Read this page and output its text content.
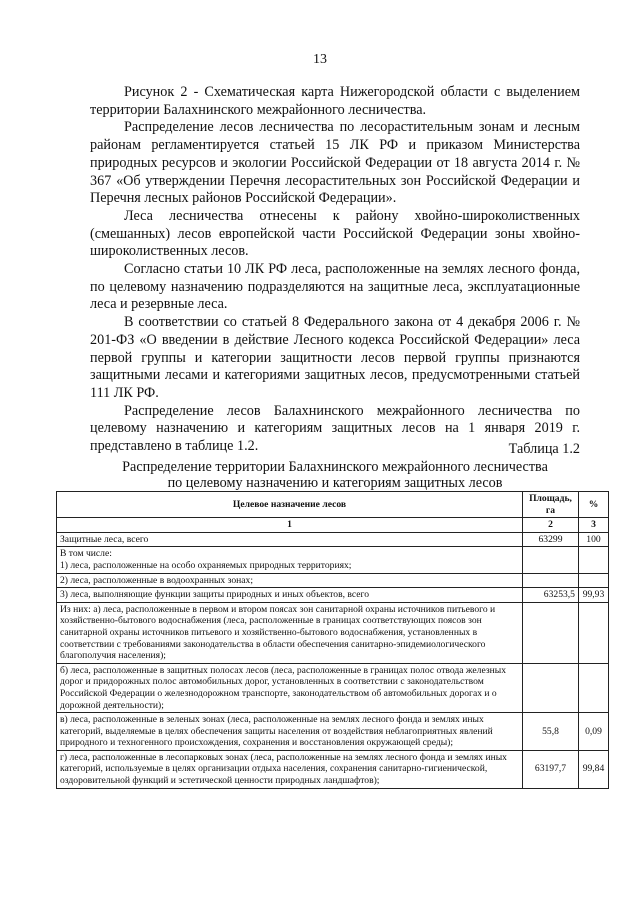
13

Рисунок 2 - Схематическая карта Нижегородской области с выделением территории Балахнинского межрайонного лесничества.

Распределение лесов лесничества по лесорастительным зонам и лесным районам регламентируется статьей 15 ЛК РФ и приказом Министерства природных ресурсов и экологии Российской Федерации от 18 августа 2014 г. № 367 «Об утверждении Перечня лесорастительных зон Российской Федерации и Перечня лесных районов Российской Федерации».

Леса лесничества отнесены к району хвойно-широколиственных (смешанных) лесов европейской части Российской Федерации зоны хвойно-широколиственных лесов.

Согласно статьи 10 ЛК РФ леса, расположенные на землях лесного фонда, по целевому назначению подразделяются на защитные леса, эксплуатационные леса и резервные леса.

В соответствии со статьей 8 Федерального закона от 4 декабря 2006 г. № 201-ФЗ «О введении в действие Лесного кодекса Российской Федерации» леса первой группы и категории защитности лесов первой группы признаются защитными лесами и категориями защитных лесов, предусмотренными статьей 111 ЛК РФ.

Распределение лесов Балахнинского межрайонного лесничества по целевому назначению и категориям защитных лесов на 1 января 2019 г. представлено в таблице 1.2.	Таблица 1.2
Распределение территории Балахнинского межрайонного лесничества
по целевому назначению и категориям защитных лесов
Целевое назначение лесов	Площадь, га	%
1	2	3
Защитные леса, всего	63299	100
В том числе:
1) леса, расположенные на особо охраняемых природных территориях;		
2) леса, расположенные в водоохранных зонах;		
3) леса, выполняющие функции защиты природных и иных объектов, всего	63253,5	99,93
Из них: а) леса, расположенные в первом и втором поясах зон санитарной охраны источников питьевого и хозяйственно-бытового водоснабжения (леса, расположенные в границах соответствующих поясов зон санитарной охраны источников питьевого и хозяйственно-бытового водоснабжения, установленных в соответствии с требованиями законодательства в области обеспечения санитарно-эпидемиологического благополучия населения);		
б) леса, расположенные в защитных полосах лесов (леса, расположенные в границах полос отвода железных дорог и придорожных полос автомобильных дорог, установленных в соответствии с законодательством Российской Федерации о железнодорожном транспорте, законодательством об автомобильных дорогах и о дорожной деятельности);		
в) леса, расположенные в зеленых зонах (леса, расположенные на землях лесного фонда и землях иных категорий, выделяемые в целях обеспечения защиты населения от воздействия неблагоприятных явлений природного и техногенного происхождения, сохранения и восстановления окружающей среды);	55,8	0,09
г) леса, расположенные в лесопарковых зонах (леса, расположенные на землях лесного фонда и землях иных категорий, используемые в целях организации отдыха населения, сохранения санитарно-гигиенической, оздоровительной функций и эстетической ценности природных ландшафтов);	63197,7	99,84
